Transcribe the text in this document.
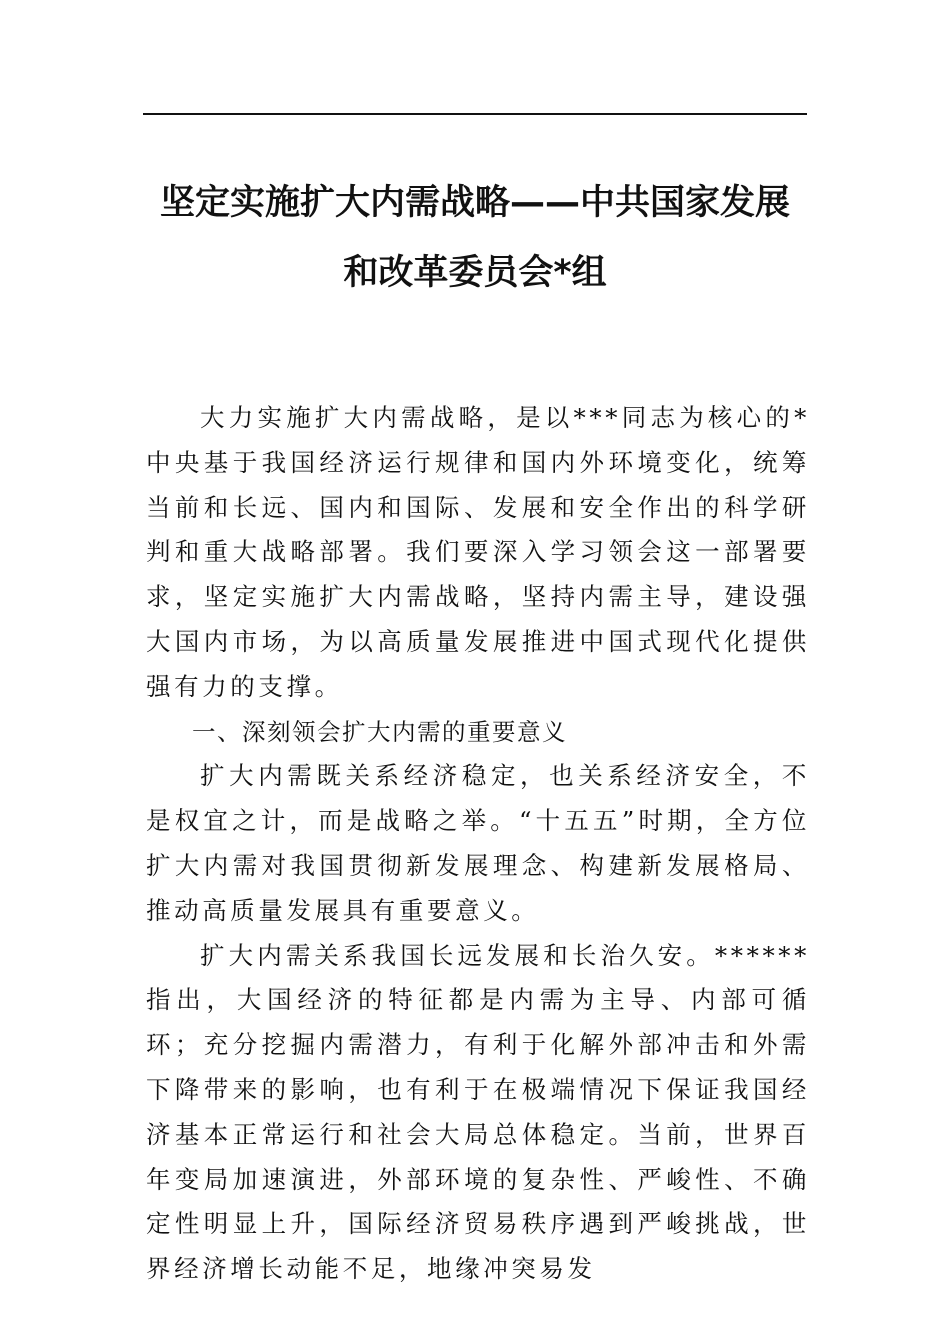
坚定实施扩大内需战略——中共国家发展
和改革委员会*组

大力实施扩大内需战略，是以***同志为核心的*中央基于我国经济运行规律和国内外环境变化，统筹当前和长远、国内和国际、发展和安全作出的科学研判和重大战略部署。我们要深入学习领会这一部署要求，坚定实施扩大内需战略，坚持内需主导，建设强大国内市场，为以高质量发展推进中国式现代化提供强有力的支撑。

一、深刻领会扩大内需的重要意义

扩大内需既关系经济稳定，也关系经济安全，不是权宜之计，而是战略之举。“十五五”时期，全方位扩大内需对我国贯彻新发展理念、构建新发展格局、推动高质量发展具有重要意义。

扩大内需关系我国长远发展和长治久安。******指出，大国经济的特征都是内需为主导、内部可循环；充分挖掘内需潜力，有利于化解外部冲击和外需下降带来的影响，也有利于在极端情况下保证我国经济基本正常运行和社会大局总体稳定。当前，世界百年变局加速演进，外部环境的复杂性、严峻性、不确定性明显上升，国际经济贸易秩序遇到严峻挑战，世界经济增长动能不足，地缘冲突易发
